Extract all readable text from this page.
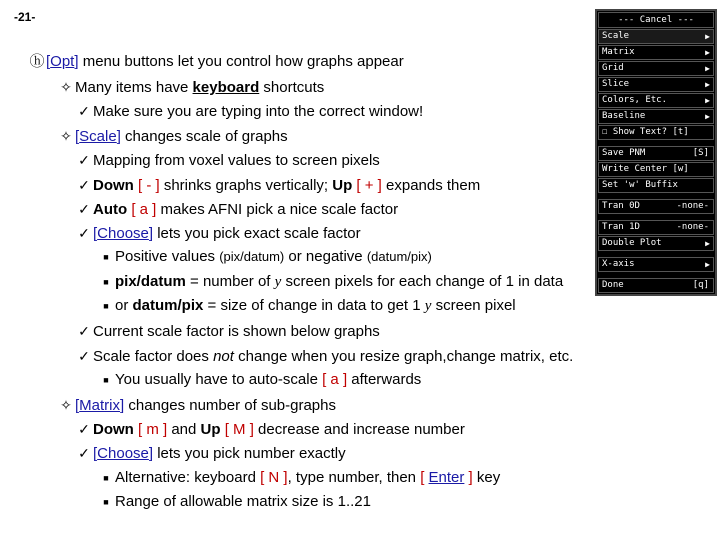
-21-
ⓗ [Opt] menu buttons let you control how graphs appear
✧ Many items have keyboard shortcuts
✓ Make sure you are typing into the correct window!
✧ [Scale] changes scale of graphs
✓ Mapping from voxel values to screen pixels
✓ Down [ - ] shrinks graphs vertically; Up [ + ] expands them
✓ Auto [ a ] makes AFNI pick a nice scale factor
✓ [Choose] lets you pick exact scale factor
■ Positive values (pix/datum) or negative (datum/pix)
■ pix/datum = number of y screen pixels for each change of 1 in data
■ or datum/pix = size of change in data to get 1 y screen pixel
✓ Current scale factor is shown below graphs
✓ Scale factor does not change when you resize graph,change matrix, etc.
■ You usually have to auto-scale [ a ] afterwards
✧ [Matrix] changes number of sub-graphs
✓ Down [ m ] and Up [ M ] decrease and increase number
✓ [Choose] lets you pick number exactly
■ Alternative: keyboard [ N ], type number, then [ Enter ] key
■ Range of allowable matrix size is 1..21
--- Cancel ---
Scale	▶
Matrix	▶
Grid	▶
Slice	▶
Colors, Etc.	▶
Baseline	▶
☐ Show Text? [t]
Save PNM	[S]
Write Center [w]
Set 'w' Buffix
Tran 0D	-none-
Tran 1D	-none-
Double Plot	▶
X-axis	▶
Done	[q]
